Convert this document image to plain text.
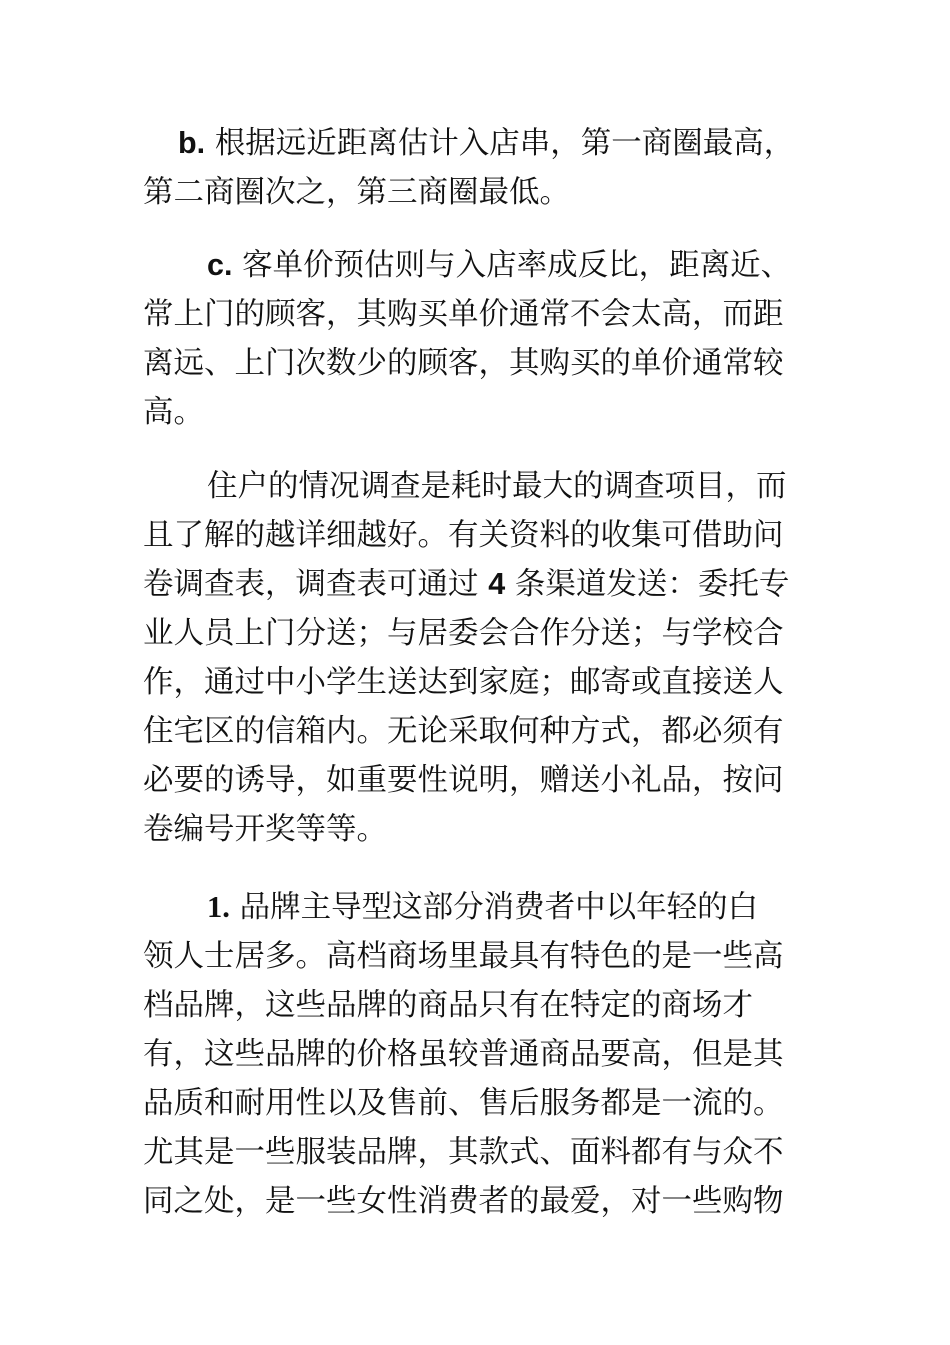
b. 根据远近距离估计入店串，第一商圈最高，
第二商圈次之，第三商圈最低。
c. 客单价预估则与入店率成反比，距离近、
常上门的顾客，其购买单价通常不会太高，而距
离远、上门次数少的顾客，其购买的单价通常较
高。
住户的情况调查是耗时最大的调查项目，而
且了解的越详细越好。有关资料的收集可借助问
卷调查表，调查表可通过 4 条渠道发送：委托专
业人员上门分送；与居委会合作分送；与学校合
作，通过中小学生送达到家庭；邮寄或直接送人
住宅区的信箱内。无论采取何种方式，都必须有
必要的诱导，如重要性说明，赠送小礼品，按问
卷编号开奖等等。
1. 品牌主导型这部分消费者中以年轻的白
领人士居多。高档商场里最具有特色的是一些高
档品牌，这些品牌的商品只有在特定的商场才
有，这些品牌的价格虽较普通商品要高，但是其
品质和耐用性以及售前、售后服务都是一流的。
尤其是一些服装品牌，其款式、面料都有与众不
同之处，是一些女性消费者的最爱，对一些购物
